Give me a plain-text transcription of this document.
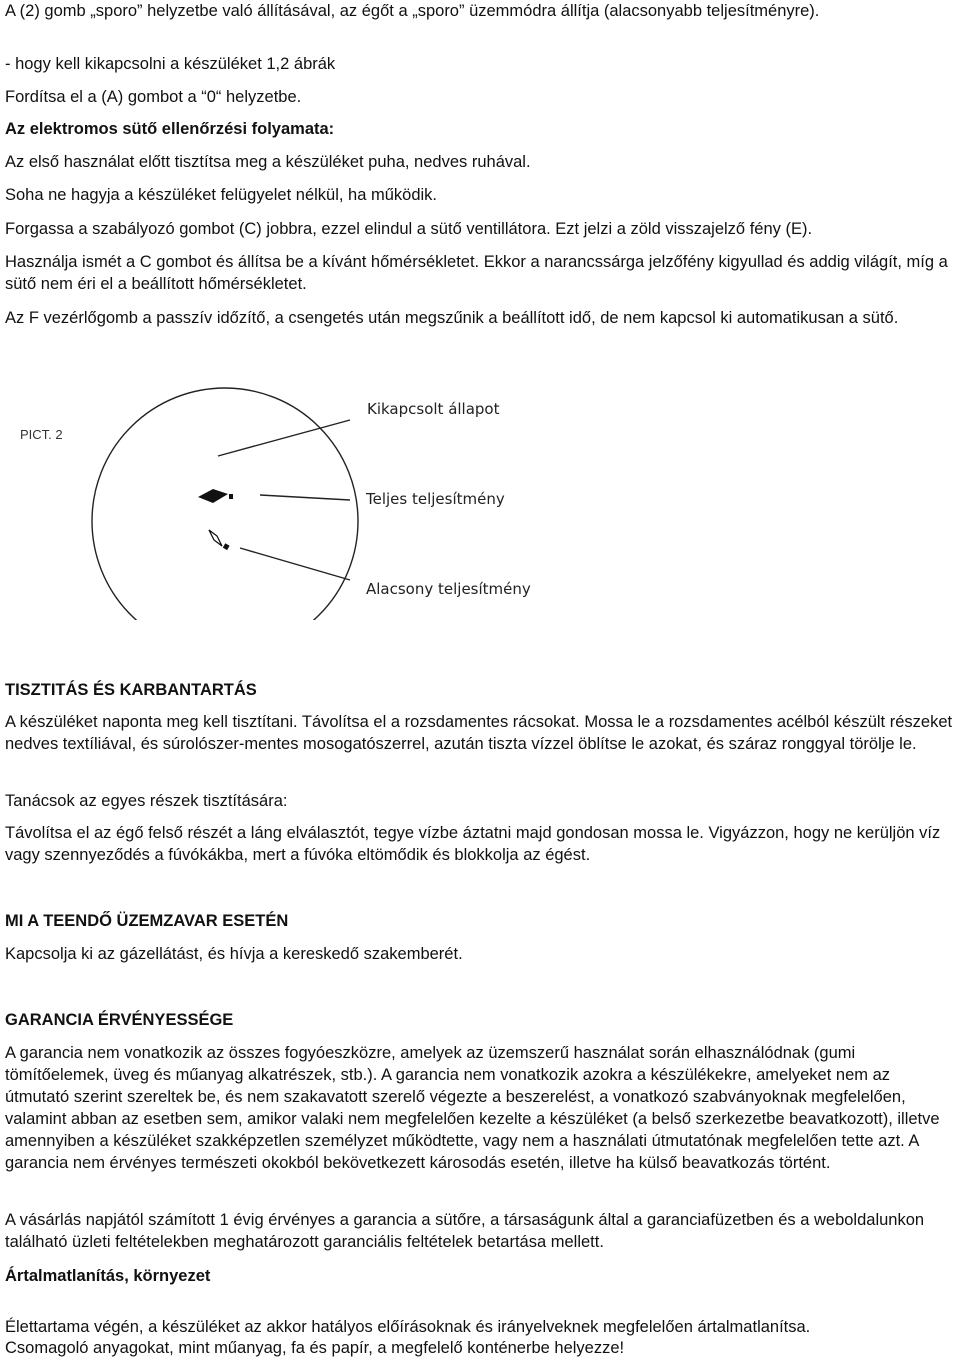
A (2) gomb „sporo” helyzetbe való állításával, az égőt a „sporo” üzemmódra állítja (alacsonyabb teljesítményre).

- hogy kell kikapcsolni a készüléket 1,2 ábrák

Fordítsa el a (A) gombot a “0“ helyzetbe.

Az elektromos sütő ellenőrzési folyamata:

Az első használat előtt tisztítsa meg a készüléket puha, nedves ruhával.

Soha ne hagyja a készüléket felügyelet nélkül, ha működik.

Forgassa a szabályozó gombot (C) jobbra, ezzel elindul a sütő ventillátora. Ezt jelzi a zöld visszajelző fény (E).

Használja ismét a C gombot és állítsa be a kívánt hőmérsékletet. Ekkor a narancssárga jelzőfény kigyullad és addig világít, míg a sütő nem éri el a beállított hőmérsékletet.

Az F vezérlőgomb a passzív időzítő, a csengetés után megszűnik a beállított idő, de nem kapcsol ki automatikusan a sütő.

PICT. 2
Kikapcsolt állapot
Teljes teljesítmény
Alacsony teljesítmény

TISZTITÁS ÉS KARBANTARTÁS

A készüléket naponta meg kell tisztítani. Távolítsa el a rozsdamentes rácsokat. Mossa le a rozsdamentes acélból készült részeket nedves textíliával, és súrolószer-mentes mosogatószerrel, azután tiszta vízzel öblítse le azokat, és száraz ronggyal törölje le.

Tanácsok az egyes részek tisztítására:

Távolítsa el az égő felső részét a láng elválasztót, tegye vízbe áztatni majd gondosan mossa le. Vigyázzon, hogy ne kerüljön víz vagy szennyeződés a fúvókákba, mert a fúvóka eltömődik és blokkolja az égést.

MI A TEENDŐ ÜZEMZAVAR ESETÉN

Kapcsolja ki az gázellátást, és hívja a kereskedő szakemberét.

GARANCIA ÉRVÉNYESSÉGE

A garancia nem vonatkozik az összes fogyóeszközre, amelyek az üzemszerű használat során elhasználódnak (gumi tömítőelemek, üveg és műanyag alkatrészek, stb.). A garancia nem vonatkozik azokra a készülékekre, amelyeket nem az útmutató szerint szereltek be, és nem szakavatott szerelő végezte a beszerelést, a vonatkozó szabványoknak megfelelően, valamint abban az esetben sem, amikor valaki nem megfelelően kezelte a készüléket (a belső szerkezetbe beavatkozott), illetve amennyiben a készüléket szakképzetlen személyzet működtette, vagy nem a használati útmutatónak megfelelően tette azt. A garancia nem érvényes természeti okokból bekövetkezett károsodás esetén, illetve ha külső beavatkozás történt.

A vásárlás napjától számított 1 évig érvényes a garancia a sütőre, a társaságunk által a garanciafüzetben és a weboldalunkon található üzleti feltételekben meghatározott garanciális feltételek betartása mellett.

Ártalmatlanítás, környezet

Élettartama végén, a készüléket az akkor hatályos előírásoknak és irányelveknek megfelelően ártalmatlanítsa.

Csomagoló anyagokat, mint műanyag, fa és papír, a megfelelő konténerbe helyezze!
